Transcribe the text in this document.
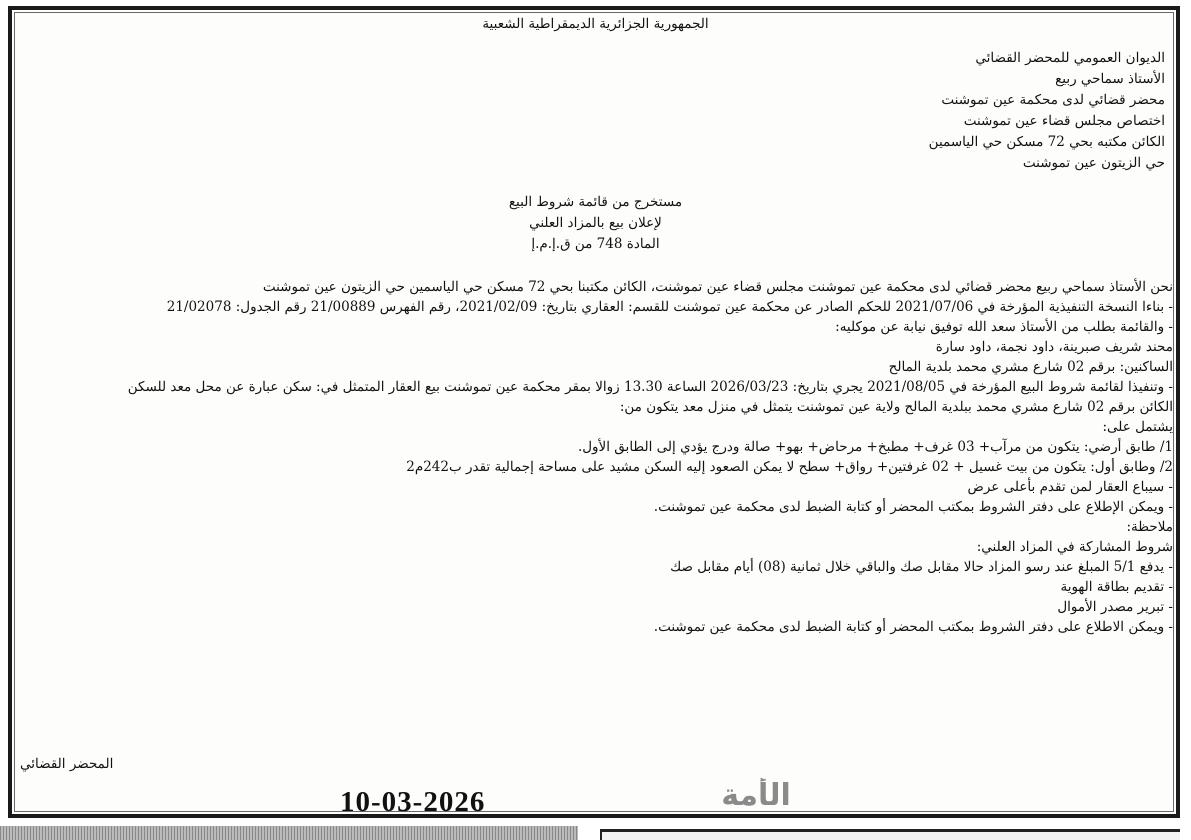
الجمهورية الجزائرية الديمقراطية الشعبية
الديوان العمومي للمحضر القضائي
الأستاذ سماحي ربيع
محضر قضائي لدى محكمة عين تموشنت
اختصاص مجلس قضاء عين تموشنت
الكائن مكتبه بحي 72 مسكن حي الياسمين
حي الزيتون عين تموشنت
مستخرج من قائمة شروط البيع
لإعلان بيع بالمزاد العلني
المادة 748 من ق.إ.م.إ

نحن الأستاذ سماحي ربيع محضر قضائي لدى محكمة عين تموشنت مجلس قضاء عين تموشنت، الكائن مكتبنا بحي 72 مسكن حي الياسمين حي الزيتون عين تموشنت

- بناءا النسخة التنفيذية المؤرخة في 2021/07/06 للحكم الصادر عن محكمة عين تموشنت للقسم: العقاري بتاريخ: 2021/02/09، رقم الفهرس 21/00889 رقم الجدول: 21/02078

- والقائمة بطلب من الأستاذ سعد الله توفيق نيابة عن موكليه:

محند شريف صبرينة، داود نجمة، داود سارة

الساكنين: برقم 02 شارع مشري محمد بلدية المالح

- وتنفيذا لقائمة شروط البيع المؤرخة في 2021/08/05 يجري بتاريخ: 2026/03/23 الساعة 13.30 زوالا بمقر محكمة عين تموشنت بيع العقار المتمثل في: سكن عبارة عن محل معد للسكن

الكائن برقم 02 شارع مشري محمد ببلدية المالح ولاية عين تموشنت يتمثل في منزل معد يتكون من:

يشتمل على:

1/ طابق أرضي: يتكون من مرآب+ 03 غرف+ مطبخ+ مرحاض+ بهو+ صالة ودرج يؤدي إلى الطابق الأول.

2/ وطابق أول: يتكون من بيت غسيل + 02 غرفتين+ رواق+ سطح لا يمكن الصعود إليه السكن مشيد على مساحة إجمالية تقدر ب242م2

- سيباع العقار لمن تقدم بأعلى عرض

- ويمكن الإطلاع على دفتر الشروط بمكتب المحضر أو كتابة الضبط لدى محكمة عين تموشنت.

ملاحظة:

شروط المشاركة في المزاد العلني:

- يدفع 5/1 المبلغ عند رسو المزاد حالا مقابل صك والباقي خلال ثمانية (08) أيام مقابل صك

- تقديم بطاقة الهوية

- تبرير مصدر الأموال

- ويمكن الاطلاع على دفتر الشروط بمكتب المحضر أو كتابة الضبط لدى محكمة عين تموشنت.

المحضر القضائي
10-03-2026	الأمة
